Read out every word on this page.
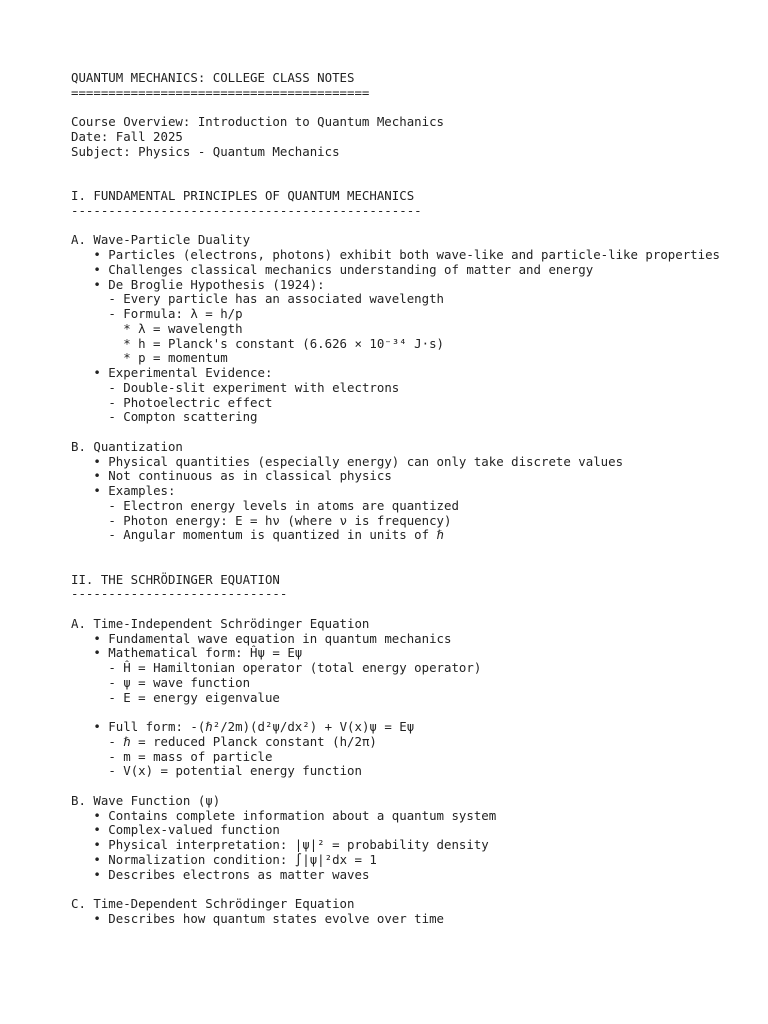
QUANTUM MECHANICS: COLLEGE CLASS NOTES
========================================
Course Overview: Introduction to Quantum Mechanics
Date: Fall 2025
Subject: Physics - Quantum Mechanics
I. FUNDAMENTAL PRINCIPLES OF QUANTUM MECHANICS
-----------------------------------------------
A. Wave-Particle Duality
• Particles (electrons, photons) exhibit both wave-like and particle-like properties
• Challenges classical mechanics understanding of matter and energy
• De Broglie Hypothesis (1924):
- Every particle has an associated wavelength
- Formula: λ = h/p
* λ = wavelength
* h = Planck's constant (6.626 × 10⁻³⁴ J·s)
* p = momentum
• Experimental Evidence:
- Double-slit experiment with electrons
- Photoelectric effect
- Compton scattering
B. Quantization
• Physical quantities (especially energy) can only take discrete values
• Not continuous as in classical physics
• Examples:
- Electron energy levels in atoms are quantized
- Photon energy: E = hν (where ν is frequency)
- Angular momentum is quantized in units of ℏ
II. THE SCHRÖDINGER EQUATION
-----------------------------
A. Time-Independent Schrödinger Equation
• Fundamental wave equation in quantum mechanics
• Mathematical form: Ĥψ = Eψ
- Ĥ = Hamiltonian operator (total energy operator)
- ψ = wave function
- E = energy eigenvalue
• Full form: -(ℏ²/2m)(d²ψ/dx²) + V(x)ψ = Eψ
- ℏ = reduced Planck constant (h/2π)
- m = mass of particle
- V(x) = potential energy function
B. Wave Function (ψ)
• Contains complete information about a quantum system
• Complex-valued function
• Physical interpretation: |ψ|² = probability density
• Normalization condition: ∫|ψ|²dx = 1
• Describes electrons as matter waves
C. Time-Dependent Schrödinger Equation
• Describes how quantum states evolve over time
